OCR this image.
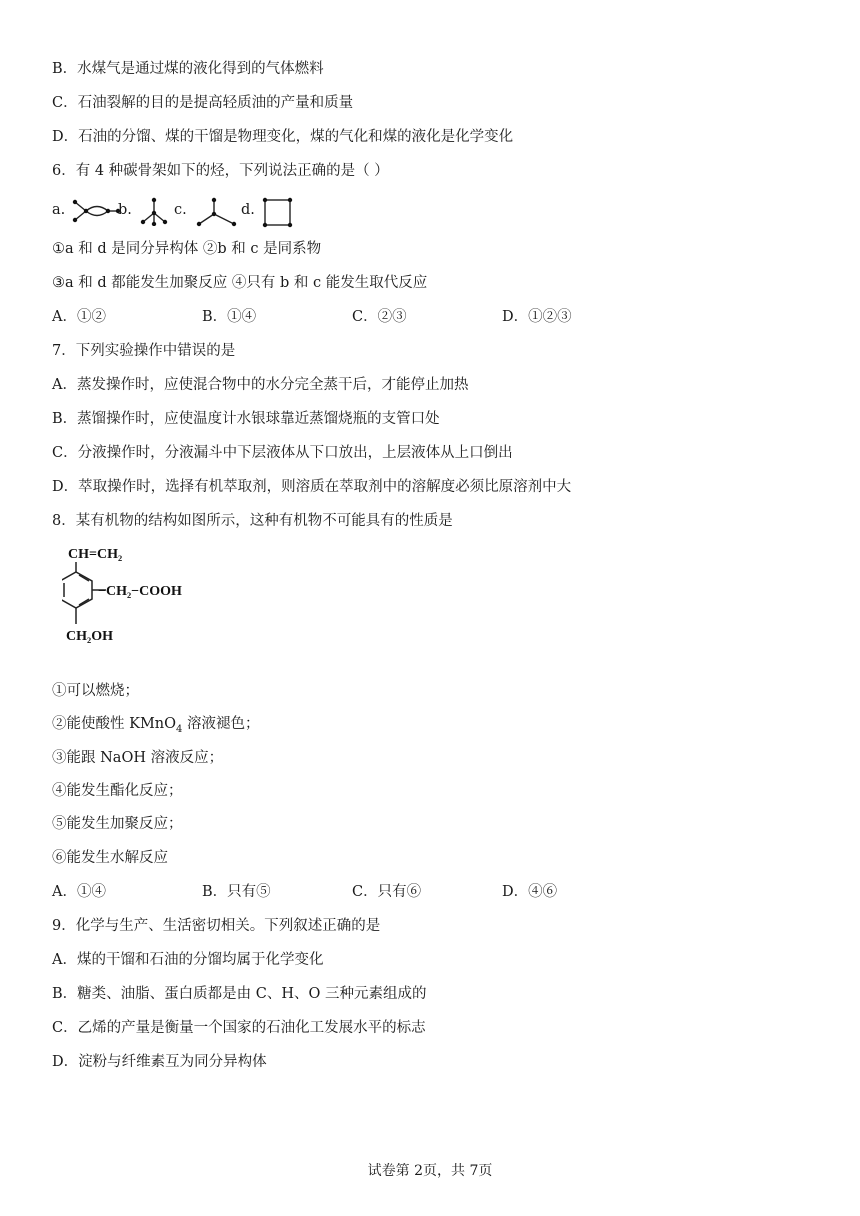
B．水煤气是通过煤的液化得到的气体燃料
C．石油裂解的目的是提高轻质油的产量和质量
D．石油的分馏、煤的干馏是物理变化，煤的气化和煤的液化是化学变化
6．有 4 种碳骨架如下的烃，下列说法正确的是（ ）
a.	b.	c.	d.
①a 和 d 是同分异构体 ②b 和 c 是同系物
③a 和 d 都能发生加聚反应 ④只有 b 和 c 能发生取代反应
A．①②	B．①④	C．②③	D．①②③
7．下列实验操作中错误的是
A．蒸发操作时，应使混合物中的水分完全蒸干后，才能停止加热
B．蒸馏操作时，应使温度计水银球靠近蒸馏烧瓶的支管口处
C．分液操作时，分液漏斗中下层液体从下口放出，上层液体从上口倒出
D．萃取操作时，选择有机萃取剂，则溶质在萃取剂中的溶解度必须比原溶剂中大
8．某有机物的结构如图所示，这种有机物不可能具有的性质是
CH=CH₂
−CH₂−COOH
CH₂OH
①可以燃烧；
②能使酸性 KMnO$_4$ 溶液褪色；
③能跟 NaOH 溶液反应；
④能发生酯化反应；
⑤能发生加聚反应；
⑥能发生水解反应
A．①④	B．只有⑤	C．只有⑥	D．④⑥
9．化学与生产、生活密切相关。下列叙述正确的是
A．煤的干馏和石油的分馏均属于化学变化
B．糖类、油脂、蛋白质都是由 C、H、O 三种元素组成的
C．乙烯的产量是衡量一个国家的石油化工发展水平的标志
D．淀粉与纤维素互为同分异构体
试卷第 2页，共 7页
